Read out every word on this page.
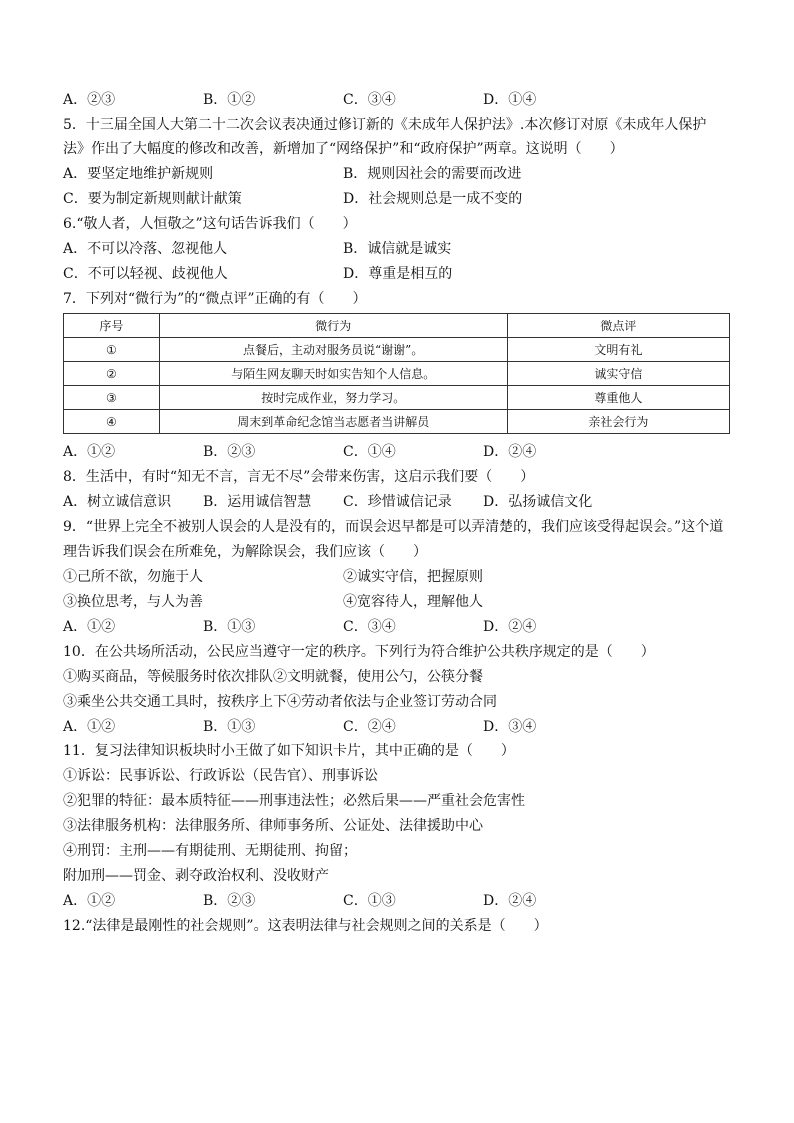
A．②③	B．①②	C．③④	D．①④
5．十三届全国人大第二十二次会议表决通过修订新的《未成年人保护法》.本次修订对原《未成年人保护
法》作出了大幅度的修改和改善，新增加了“网络保护”和“政府保护”两章。这说明（　　）
A．要坚定地维护新规则	B．规则因社会的需要而改进
C．要为制定新规则献计献策	D．社会规则总是一成不变的
6.“敬人者，人恒敬之”这句话告诉我们（　　）
A．不可以冷落、忽视他人	B．诚信就是诚实
C．不可以轻视、歧视他人	D．尊重是相互的
7．下列对“微行为”的“微点评”正确的有（　　）
序号	微行为	微点评
①	点餐后，主动对服务员说“谢谢”。	文明有礼
②	与陌生网友聊天时如实告知个人信息。	诚实守信
③	按时完成作业，努力学习。	尊重他人
④	周末到革命纪念馆当志愿者当讲解员	亲社会行为
A．①②	B．②③	C．①④	D．②④
8．生活中，有时“知无不言，言无不尽”会带来伤害，这启示我们要（　　）
A．树立诚信意识 B．运用诚信智慧 C．珍惜诚信记录 D．弘扬诚信文化
9．“世界上完全不被别人误会的人是没有的，而误会迟早都是可以弄清楚的，我们应该受得起误会。”这个道
理告诉我们误会在所难免，为解除误会，我们应该（　　）
①己所不欲，勿施于人	②诚实守信，把握原则
③换位思考，与人为善	④宽容待人，理解他人
A．①②	B．①③	C．③④	D．②④
10．在公共场所活动，公民应当遵守一定的秩序。下列行为符合维护公共秩序规定的是（　　）
①购买商品，等候服务时依次排队②文明就餐，使用公勺，公筷分餐
③乘坐公共交通工具时，按秩序上下④劳动者依法与企业签订劳动合同
A．①②	B．①③	C．②④	D．③④
11．复习法律知识板块时小王做了如下知识卡片，其中正确的是（　　）
①诉讼：民事诉讼、行政诉讼（民告官）、刑事诉讼
②犯罪的特征：最本质特征——刑事违法性；必然后果——严重社会危害性
③法律服务机构：法律服务所、律师事务所、公证处、法律援助中心
④刑罚：主刑——有期徒刑、无期徒刑、拘留；
附加刑——罚金、剥夺政治权利、没收财产
A．①②	B．②③	C．①③	D．②④
12.“法律是最刚性的社会规则”。这表明法律与社会规则之间的关系是（　　）
